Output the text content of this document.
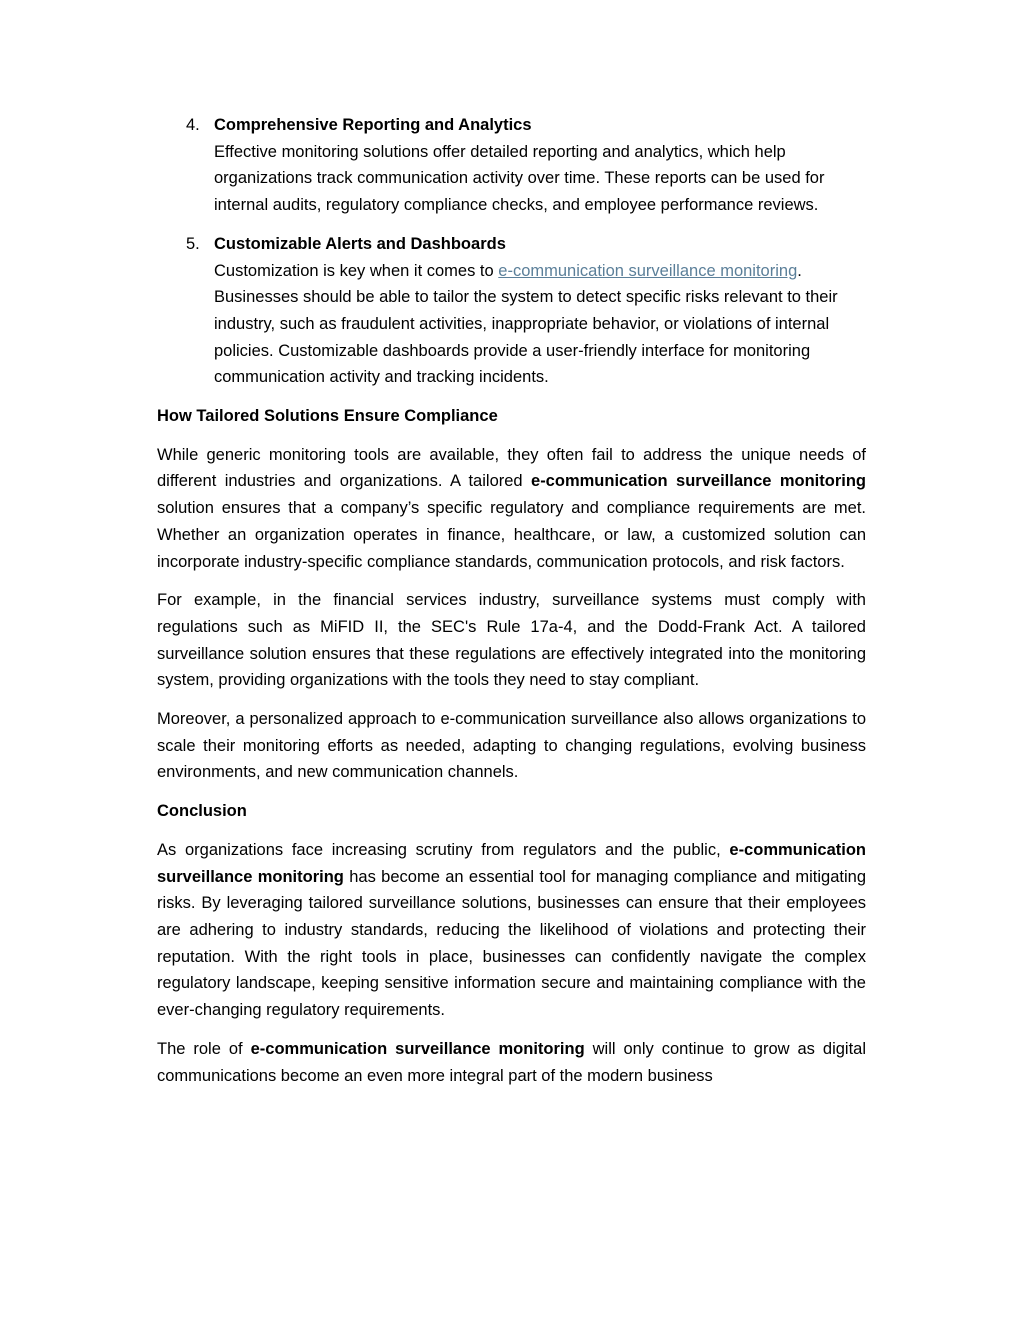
4. Comprehensive Reporting and Analytics
Effective monitoring solutions offer detailed reporting and analytics, which help organizations track communication activity over time. These reports can be used for internal audits, regulatory compliance checks, and employee performance reviews.
5. Customizable Alerts and Dashboards
Customization is key when it comes to e-communication surveillance monitoring. Businesses should be able to tailor the system to detect specific risks relevant to their industry, such as fraudulent activities, inappropriate behavior, or violations of internal policies. Customizable dashboards provide a user-friendly interface for monitoring communication activity and tracking incidents.

How Tailored Solutions Ensure Compliance

While generic monitoring tools are available, they often fail to address the unique needs of different industries and organizations. A tailored e-communication surveillance monitoring solution ensures that a company’s specific regulatory and compliance requirements are met. Whether an organization operates in finance, healthcare, or law, a customized solution can incorporate industry-specific compliance standards, communication protocols, and risk factors.

For example, in the financial services industry, surveillance systems must comply with regulations such as MiFID II, the SEC's Rule 17a-4, and the Dodd-Frank Act. A tailored surveillance solution ensures that these regulations are effectively integrated into the monitoring system, providing organizations with the tools they need to stay compliant.

Moreover, a personalized approach to e-communication surveillance also allows organizations to scale their monitoring efforts as needed, adapting to changing regulations, evolving business environments, and new communication channels.

Conclusion

As organizations face increasing scrutiny from regulators and the public, e-communication surveillance monitoring has become an essential tool for managing compliance and mitigating risks. By leveraging tailored surveillance solutions, businesses can ensure that their employees are adhering to industry standards, reducing the likelihood of violations and protecting their reputation. With the right tools in place, businesses can confidently navigate the complex regulatory landscape, keeping sensitive information secure and maintaining compliance with the ever-changing regulatory requirements.

The role of e-communication surveillance monitoring will only continue to grow as digital communications become an even more integral part of the modern business
